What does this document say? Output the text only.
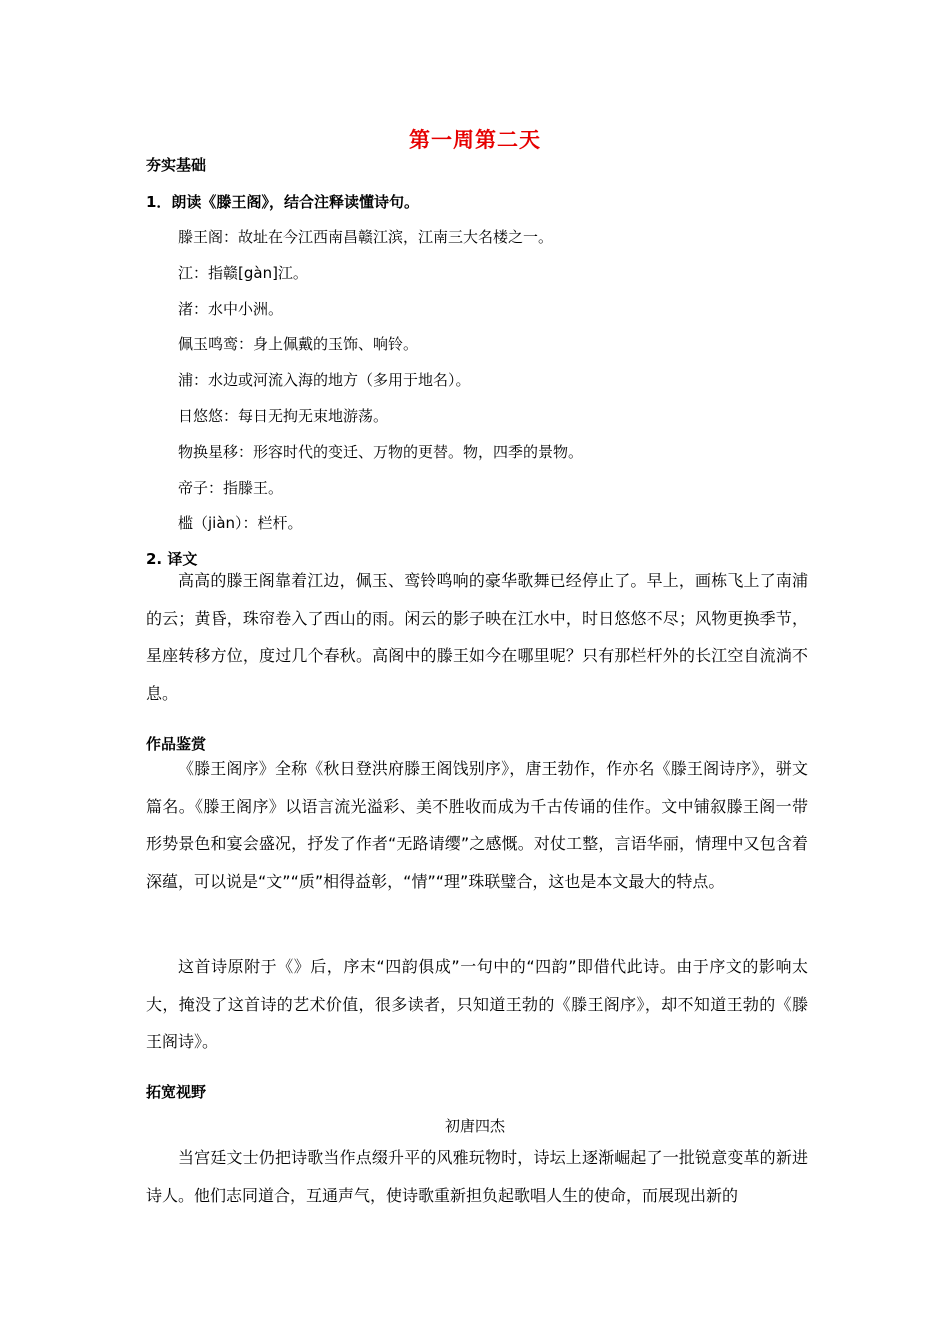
第一周第二天
夯实基础
1．朗读《滕王阁》，结合注释读懂诗句。
滕王阁：故址在今江西南昌赣江滨，江南三大名楼之一。
江：指赣[gàn]江。
渚：水中小洲。
佩玉鸣鸾：身上佩戴的玉饰、响铃。
浦：水边或河流入海的地方（多用于地名）。
日悠悠：每日无拘无束地游荡。
物换星移：形容时代的变迁、万物的更替。物，四季的景物。
帝子：指滕王。
槛（jiàn）：栏杆。
2. 译文
高高的滕王阁靠着江边，佩玉、鸾铃鸣响的豪华歌舞已经停止了。早上，画栋飞上了南浦的云；黄昏，珠帘卷入了西山的雨。闲云的影子映在江水中，时日悠悠不尽；风物更换季节，星座转移方位，度过几个春秋。高阁中的滕王如今在哪里呢？只有那栏杆外的长江空自流淌不息。
作品鉴赏
《滕王阁序》全称《秋日登洪府滕王阁饯别序》，唐王勃作，作亦名《滕王阁诗序》，骈文篇名。《滕王阁序》以语言流光溢彩、美不胜收而成为千古传诵的佳作。文中铺叙滕王阁一带形势景色和宴会盛况，抒发了作者“无路请缨”之感慨。对仗工整，言语华丽，情理中又包含着深蕴，可以说是“文”“质”相得益彰，“情”“理”珠联璧合，这也是本文最大的特点。
这首诗原附于《》后，序末“四韵俱成”一句中的“四韵”即借代此诗。由于序文的影响太大，掩没了这首诗的艺术价值，很多读者，只知道王勃的《滕王阁序》，却不知道王勃的《滕王阁诗》。
拓宽视野
初唐四杰
当宫廷文士仍把诗歌当作点缀升平的风雅玩物时，诗坛上逐渐崛起了一批锐意变革的新进诗人。他们志同道合，互通声气，使诗歌重新担负起歌唱人生的使命，而展现出新的
